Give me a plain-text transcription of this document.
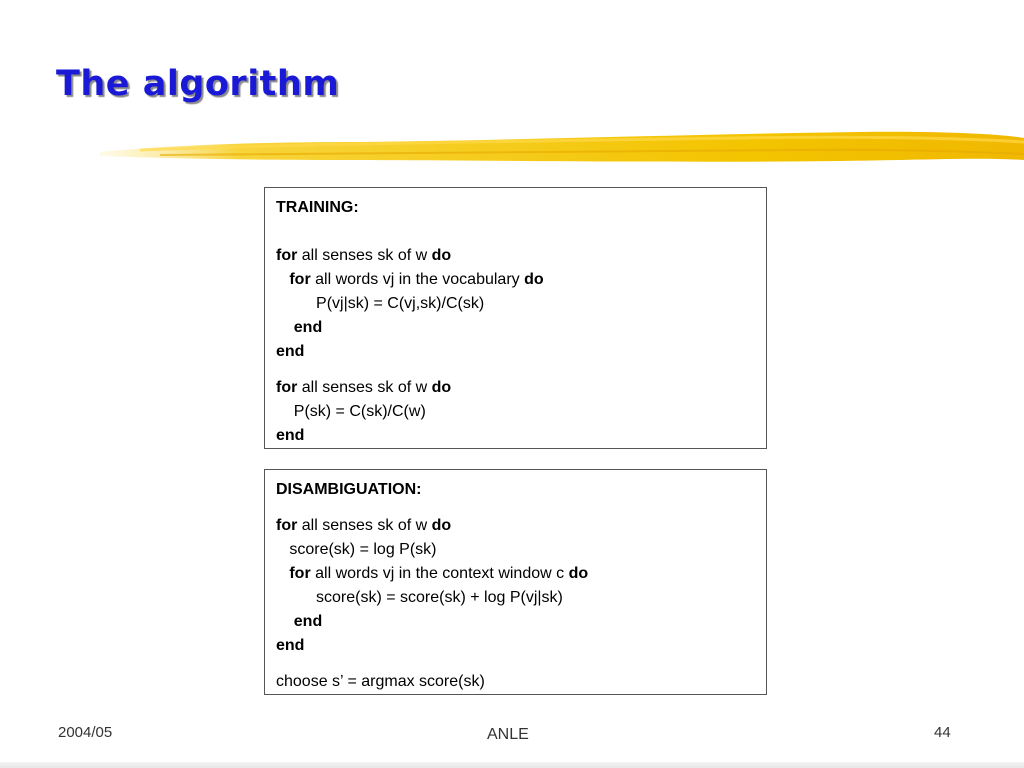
The algorithm
TRAINING:
for all senses sk of w do
for all words vj in the vocabulary do
P(vj|sk) = C(vj,sk)/C(sk)
end
end
for all senses sk of w do
P(sk) = C(sk)/C(w)
end
DISAMBIGUATION:
for all senses sk of w do
score(sk) = log P(sk)
for all words vj in the context window c do
score(sk) = score(sk) + log P(vj|sk)
end
end
choose s’ = argmax score(sk)
2004/05	ANLE	44
